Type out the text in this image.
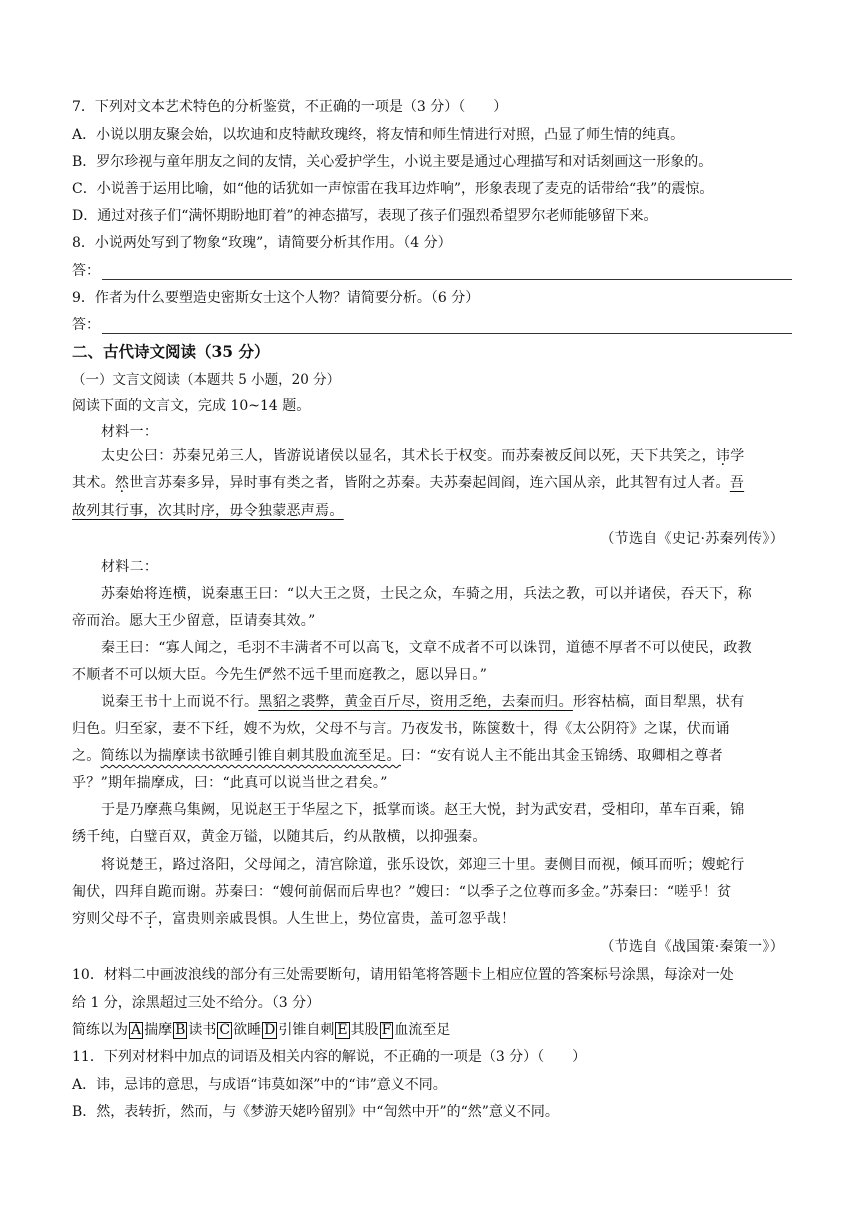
7．下列对文本艺术特色的分析鉴赏，不正确的一项是（3 分）（　　）
A．小说以朋友聚会始，以坎迪和皮特献玫瑰终，将友情和师生情进行对照，凸显了师生情的纯真。
B．罗尔珍视与童年朋友之间的友情，关心爱护学生，小说主要是通过心理描写和对话刻画这一形象的。
C．小说善于运用比喻，如“他的话犹如一声惊雷在我耳边炸响”，形象表现了麦克的话带给“我”的震惊。
D．通过对孩子们“满怀期盼地盯着”的神态描写，表现了孩子们强烈希望罗尔老师能够留下来。
8．小说两处写到了物象“玫瑰”，请简要分析其作用。（4 分）
答：
9．作者为什么要塑造史密斯女士这个人物？请简要分析。（6 分）
答：
二、古代诗文阅读（35 分）
（一）文言文阅读（本题共 5 小题，20 分）
阅读下面的文言文，完成 10~14 题。
材料一：
太史公曰：苏秦兄弟三人，皆游说诸侯以显名，其术长于权变。而苏秦被反间以死，天下共笑之，讳学
其术。然世言苏秦多异，异时事有类之者，皆附之苏秦。夫苏秦起闾阎，连六国从亲，此其智有过人者。吾
故列其行事，次其时序，毋令独蒙恶声焉。
（节选自《史记·苏秦列传》）
材料二：
苏秦始将连横，说秦惠王曰：“以大王之贤，士民之众，车骑之用，兵法之教，可以并诸侯，吞天下，称
帝而治。愿大王少留意，臣请奏其效。”
秦王曰：“寡人闻之，毛羽不丰满者不可以高飞，文章不成者不可以诛罚，道德不厚者不可以使民，政教
不顺者不可以烦大臣。今先生俨然不远千里而庭教之，愿以异日。”
说秦王书十上而说不行。黑貂之裘弊，黄金百斤尽，资用乏绝，去秦而归。形容枯槁，面目犁黑，状有
归色。归至家，妻不下纴，嫂不为炊，父母不与言。乃夜发书，陈箧数十，得《太公阴符》之谋，伏而诵
之。简练以为揣摩读书欲睡引锥自刺其股血流至足。曰：“安有说人主不能出其金玉锦绣、取卿相之尊者
乎？”期年揣摩成，曰：“此真可以说当世之君矣。”
于是乃摩燕乌集阙，见说赵王于华屋之下，抵掌而谈。赵王大悦，封为武安君，受相印，革车百乘，锦
绣千纯，白璧百双，黄金万镒，以随其后，约从散横，以抑强秦。
将说楚王，路过洛阳，父母闻之，清宫除道，张乐设饮，郊迎三十里。妻侧目而视，倾耳而听；嫂蛇行
匍伏，四拜自跪而谢。苏秦曰：“嫂何前倨而后卑也？”嫂曰：“以季子之位尊而多金。”苏秦曰：“嗟乎！贫
穷则父母不子，富贵则亲戚畏惧。人生世上，势位富贵，盖可忽乎哉！
（节选自《战国策·秦策一》）
10．材料二中画波浪线的部分有三处需要断句，请用铅笔将答题卡上相应位置的答案标号涂黑，每涂对一处
给 1 分，涂黑超过三处不给分。（3 分）
简练以为 A 揣摩 B 读书 C 欲睡 D 引锥自刺 E 其股 F 血流至足
11．下列对材料中加点的词语及相关内容的解说，不正确的一项是（3 分）（　　）
A．讳，忌讳的意思，与成语“讳莫如深”中的“讳”意义不同。
B．然，表转折，然而，与《梦游天姥吟留别》中“訇然中开”的“然”意义不同。
